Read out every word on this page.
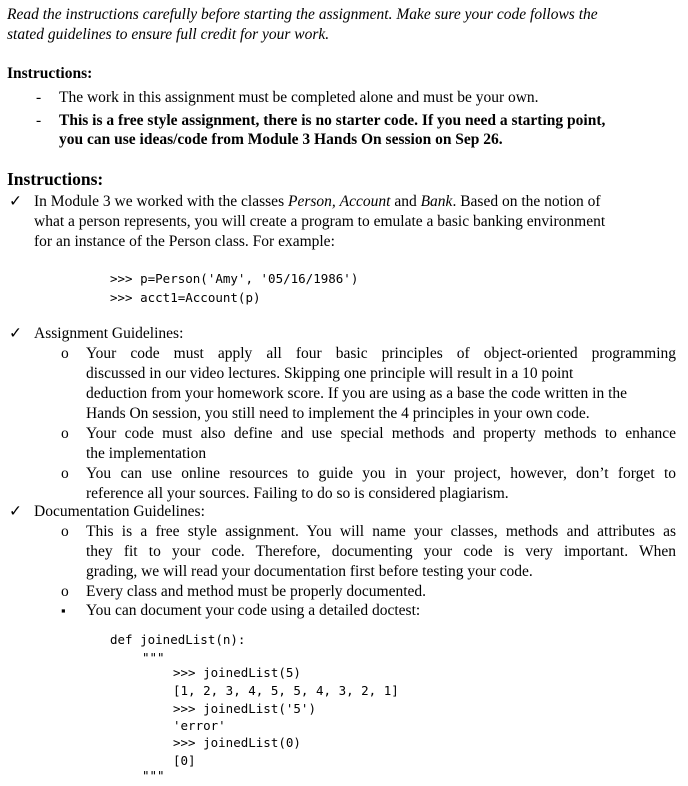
Read the instructions carefully before starting the assignment. Make sure your code follows the
stated guidelines to ensure full credit for your work.
Instructions:
- The work in this assignment must be completed alone and must be your own.
- This is a free style assignment, there is no starter code. If you need a starting point,
you can use ideas/code from Module 3 Hands On session on Sep 26.
Instructions:
✓ In Module 3 we worked with the classes Person, Account and Bank. Based on the notion of
what a person represents, you will create a program to emulate a basic banking environment
for an instance of the Person class. For example:
>>> p=Person('Amy', '05/16/1986')
>>> acct1=Account(p)
✓ Assignment Guidelines:
o Your code must apply all four basic principles of object-oriented programming
discussed in our video lectures. Skipping one principle will result in a 10 point
deduction from your homework score. If you are using as a base the code written in the
Hands On session, you still need to implement the 4 principles in your own code.
o Your code must also define and use special methods and property methods to enhance
the implementation
o You can use online resources to guide you in your project, however, don’t forget to
reference all your sources. Failing to do so is considered plagiarism.
✓ Documentation Guidelines:
o This is a free style assignment. You will name your classes, methods and attributes as
they fit to your code. Therefore, documenting your code is very important. When
grading, we will read your documentation first before testing your code.
o Every class and method must be properly documented.
▪ You can document your code using a detailed doctest:
def joinedList(n):
"""
>>> joinedList(5)
[1, 2, 3, 4, 5, 5, 4, 3, 2, 1]
>>> joinedList('5')
'error'
>>> joinedList(0)
[0]
"""
